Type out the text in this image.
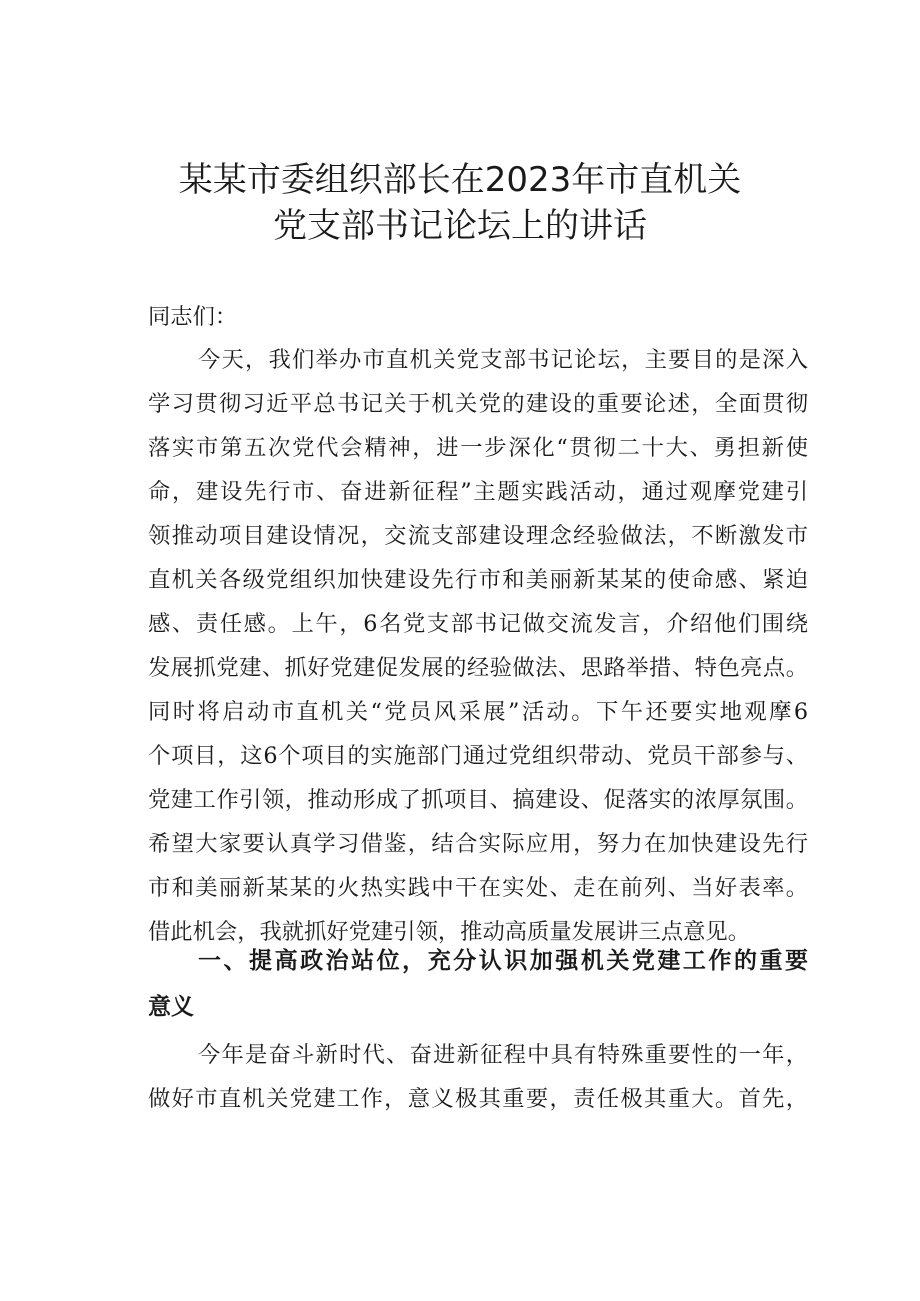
某某市委组织部长在2023年市直机关
党支部书记论坛上的讲话
同志们：
今天，我们举办市直机关党支部书记论坛，主要目的是深入
学习贯彻习近平总书记关于机关党的建设的重要论述，全面贯彻
落实市第五次党代会精神，进一步深化“贯彻二十大、勇担新使
命，建设先行市、奋进新征程”主题实践活动，通过观摩党建引
领推动项目建设情况，交流支部建设理念经验做法，不断激发市
直机关各级党组织加快建设先行市和美丽新某某的使命感、紧迫
感、责任感。上午，6名党支部书记做交流发言，介绍他们围绕
发展抓党建、抓好党建促发展的经验做法、思路举措、特色亮点。
同时将启动市直机关“党员风采展”活动。下午还要实地观摩6
个项目，这6个项目的实施部门通过党组织带动、党员干部参与、
党建工作引领，推动形成了抓项目、搞建设、促落实的浓厚氛围。
希望大家要认真学习借鉴，结合实际应用，努力在加快建设先行
市和美丽新某某的火热实践中干在实处、走在前列、当好表率。
借此机会，我就抓好党建引领，推动高质量发展讲三点意见。
一、提高政治站位，充分认识加强机关党建工作的重要
意义
今年是奋斗新时代、奋进新征程中具有特殊重要性的一年，
做好市直机关党建工作，意义极其重要，责任极其重大。首先，
